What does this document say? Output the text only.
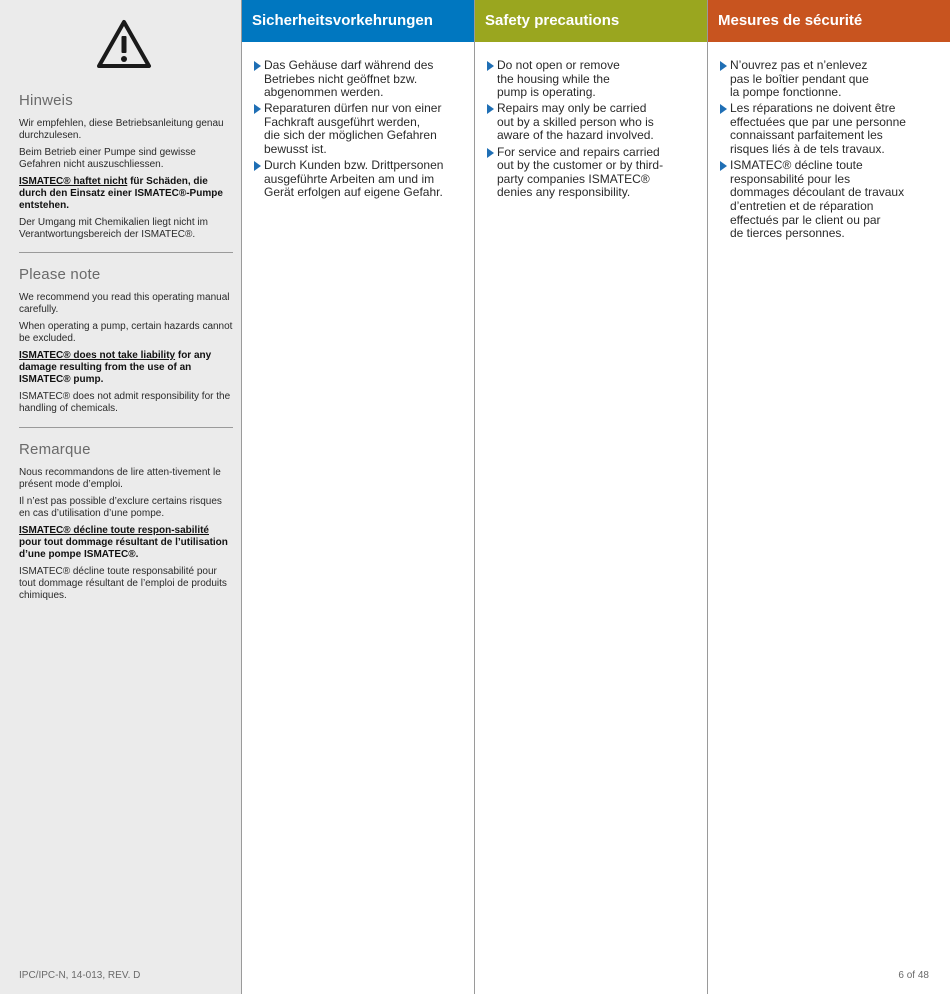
Hinweis

Wir empfehlen, diese Betriebsanleitung genau durchzulesen.

Beim Betrieb einer Pumpe sind gewisse Gefahren nicht auszuschliessen.

ISMATEC® haftet nicht für Schäden, die durch den Einsatz einer ISMATEC®-Pumpe entstehen.

Der Umgang mit Chemikalien liegt nicht im Verantwortungsbereich der ISMATEC®.

Please note

We recommend you read this operating manual carefully.

When operating a pump, certain hazards cannot be excluded.

ISMATEC® does not take liability for any damage resulting from the use of an ISMATEC® pump.

ISMATEC® does not admit responsibility for the handling of chemicals.

Remarque

Nous recommandons de lire atten-tivement le présent mode d’emploi.

Il n’est pas possible d’exclure certains risques en cas d’utilisation d’une pompe.

ISMATEC® décline toute respon-sabilité pour tout dommage résultant de l’utilisation d’une pompe ISMATEC®.

ISMATEC® décline toute responsabilité pour tout dommage résultant de l’emploi de produits chimiques.

IPC/IPC-N, 14-013, REV. D
Sicherheitsvorkehrungen
Das Gehäuse darf während des
Betriebes nicht geöffnet bzw.
abgenommen werden.
Reparaturen dürfen nur von einer
Fachkraft ausgeführt werden,
die sich der möglichen Gefahren
bewusst ist.
Durch Kunden bzw. Drittpersonen
ausgeführte Arbeiten am und im
Gerät erfolgen auf eigene Gefahr.
Safety precautions
Do not open or remove
the housing while the
pump is operating.
Repairs may only be carried
out by a skilled person who is
aware of the hazard involved.
For service and repairs carried
out by the customer or by third-
party companies ISMATEC®
denies any responsibility.
Mesures de sécurité
N’ouvrez pas et n’enlevez
pas le boîtier pendant que
la pompe fonctionne.
Les réparations ne doivent être
effectuées que par une personne
connaissant parfaitement les
risques liés à de tels travaux.
ISMATEC® décline toute
responsabilité pour les
dommages découlant de travaux
d’entretien et de réparation
effectués par le client ou par
de tierces personnes.
6 of 48
